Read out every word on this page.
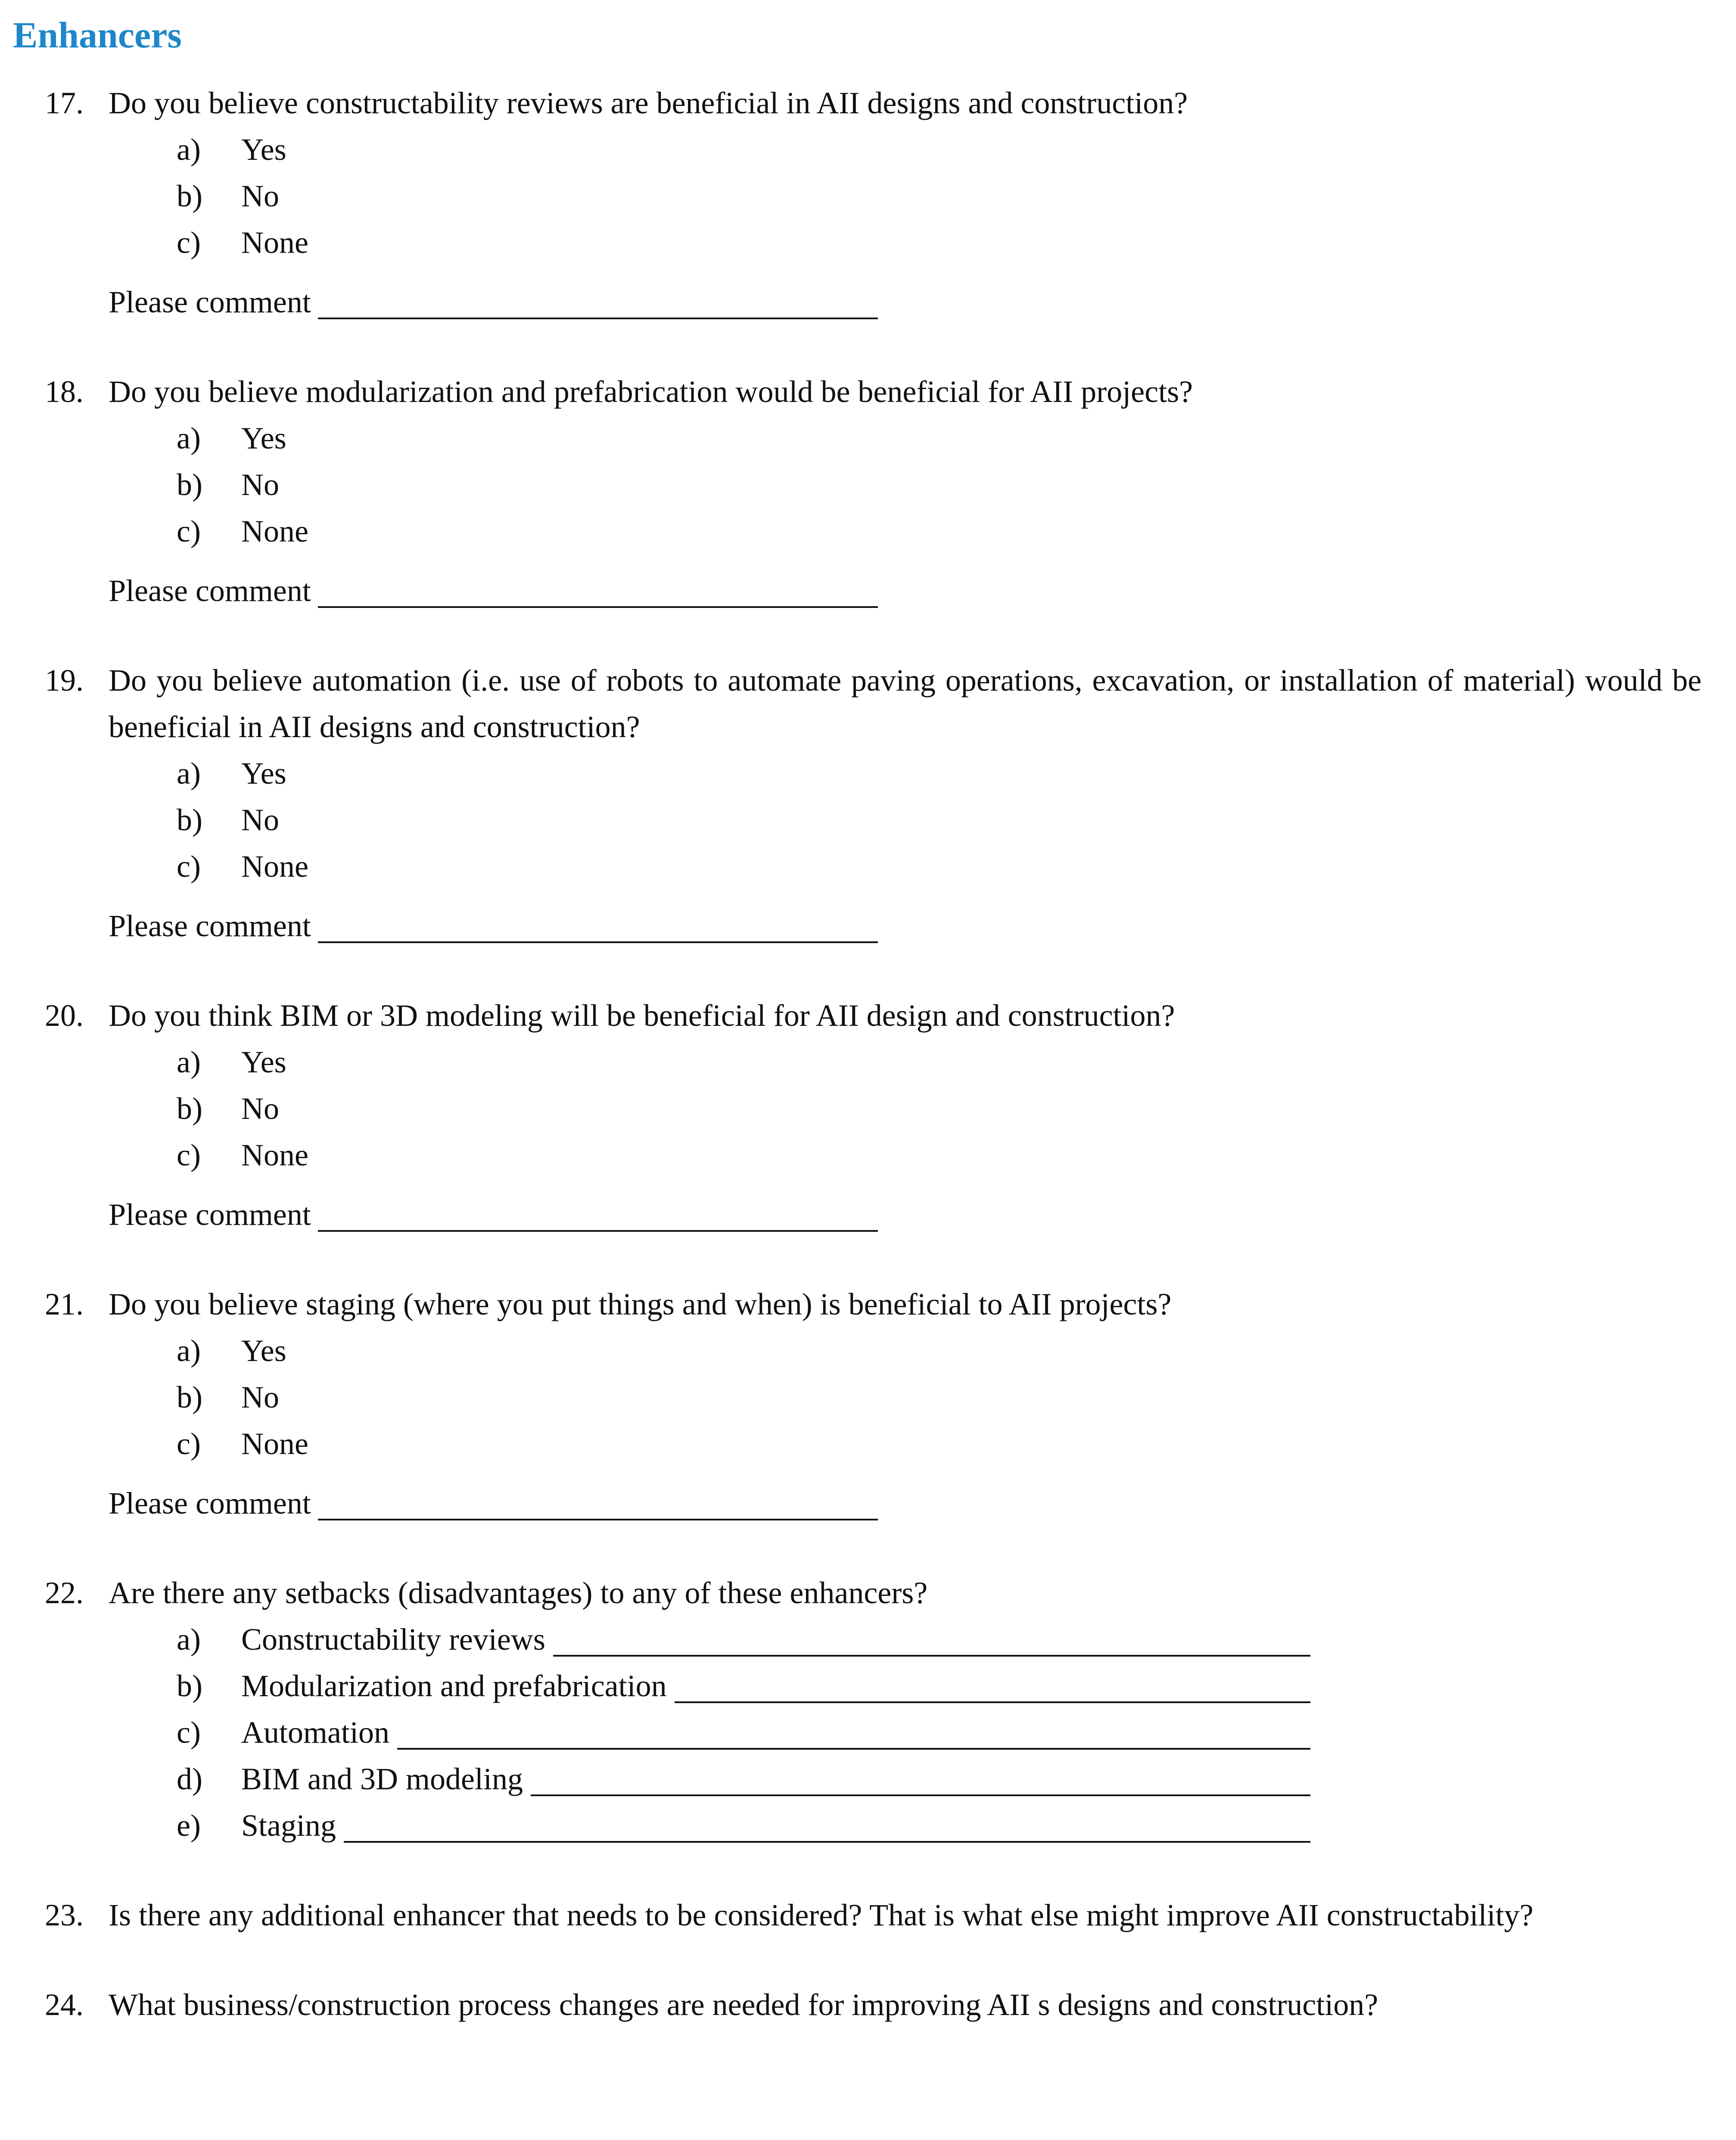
Enhancers
17. Do you believe constructability reviews are beneficial in AII designs and construction?

a)	Yes
b)	No
c)	None
Please comment
18. Do you believe modularization and prefabrication would be beneficial for AII projects?

a)	Yes
b)	No
c)	None
Please comment
19. Do you believe automation (i.e. use of robots to automate paving operations, excavation, or installation of material) would be beneficial in AII designs and construction?

a)	Yes
b)	No
c)	None
Please comment
20. Do you think BIM or 3D modeling will be beneficial for AII design and construction?

a)	Yes
b)	No
c)	None
Please comment
21. Do you believe staging (where you put things and when) is beneficial to AII projects?

a)	Yes
b)	No
c)	None
Please comment
22. Are there any setbacks (disadvantages) to any of these enhancers?

a)	Constructability reviews
b)	Modularization and prefabrication
c)	Automation
d)	BIM and 3D modeling
e)	Staging
23. Is there any additional enhancer that needs to be considered? That is what else might improve AII constructability?

24. What business/construction process changes are needed for improving AII s designs and construction?
